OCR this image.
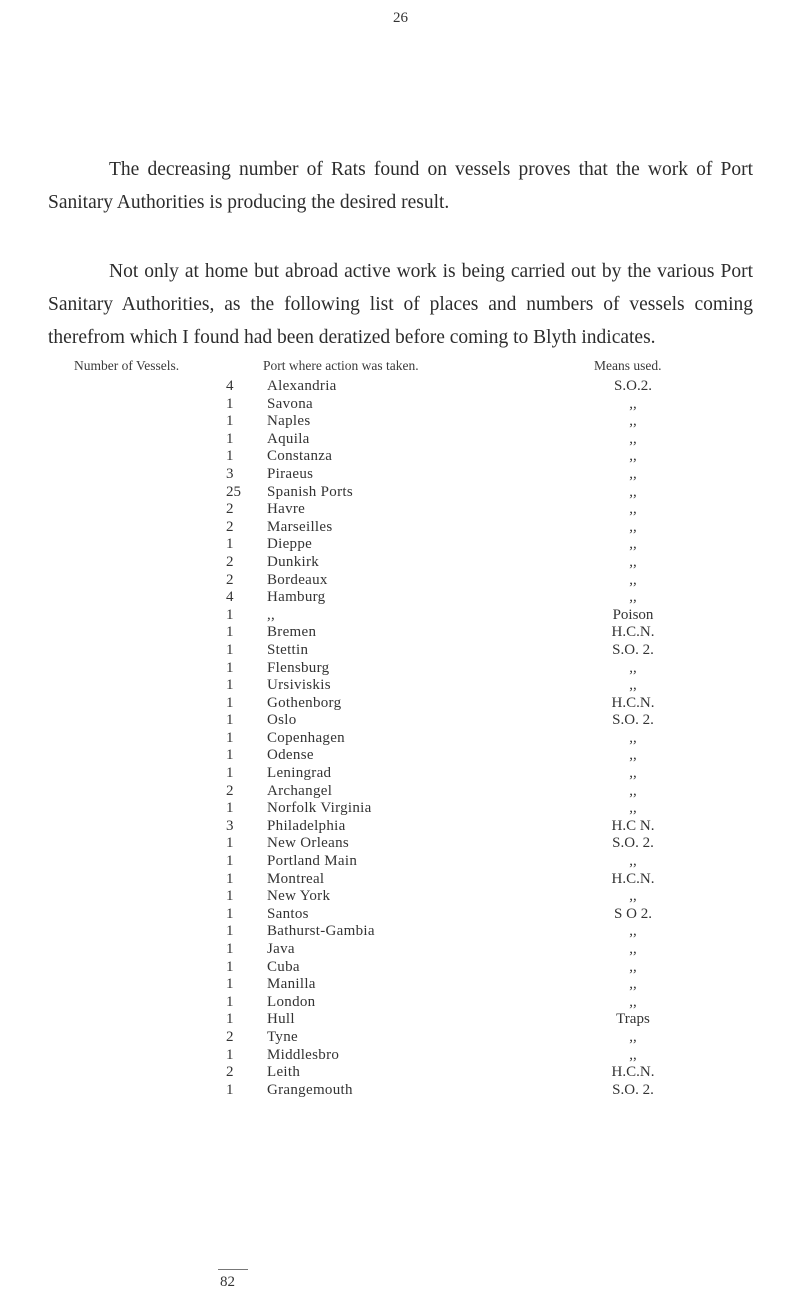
26

The decreasing number of Rats found on vessels proves that the work of Port Sanitary Authorities is producing the desired result.

Not only at home but abroad active work is being carried out by the various Port Sanitary Authorities, as the following list of places and numbers of vessels coming therefrom which I found had been deratized before coming to Blyth indicates.

Number of Vessels.	Port where action was taken.	Means used.
4	Alexandria	S.O.2.
1	Savona	,,
1	Naples	,,
1	Aquila	,,
1	Constanza	,,
3	Piraeus	,,
25	Spanish Ports	,,
2	Havre	,,
2	Marseilles	,,
1	Dieppe	,,
2	Dunkirk	,,
2	Bordeaux	,,
4	Hamburg	,,
1	,,	Poison
1	Bremen	H.C.N.
1	Stettin	S.O. 2.
1	Flensburg	,,
1	Ursiviskis	,,
1	Gothenborg	H.C.N.
1	Oslo	S.O. 2.
1	Copenhagen	,,
1	Odense	,,
1	Leningrad	,,
2	Archangel	,,
1	Norfolk Virginia	,,
3	Philadelphia	H.C N.
1	New Orleans	S.O. 2.
1	Portland Main	,,
1	Montreal	H.C.N.
1	New York	,,
1	Santos	S O 2.
1	Bathurst-Gambia	,,
1	Java	,,
1	Cuba	,,
1	Manilla	,,
1	London	,,
1	Hull	Traps
2	Tyne	,,
1	Middlesbro	,,
2	Leith	H.C.N.
1	Grangemouth	S.O. 2.
82
